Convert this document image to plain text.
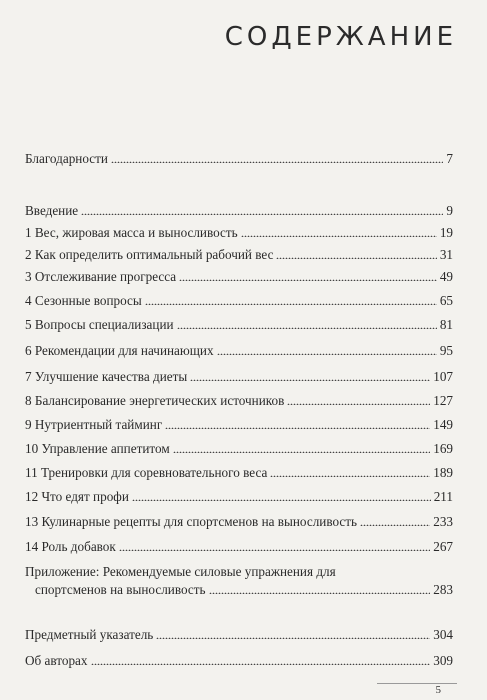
СОДЕРЖАНИЕ
Благодарности	7
Введение	9
1 Вес, жировая масса и выносливость	19
2 Как определить оптимальный рабочий вес	31
3 Отслеживание прогресса	49
4 Сезонные вопросы	65
5 Вопросы специализации	81
6 Рекомендации для начинающих	95
7 Улучшение качества диеты	107
8 Балансирование энергетических источников	127
9 Нутриентный тайминг	149
10 Управление аппетитом	169
11 Тренировки для соревновательного веса	189
12 Что едят профи	211
13 Кулинарные рецепты для спортсменов на выносливость	233
14 Роль добавок	267
Предметный указатель	304
Об авторах	309
Приложение: Рекомендуемые силовые упражнения для
спортсменов на выносливость	283
5
